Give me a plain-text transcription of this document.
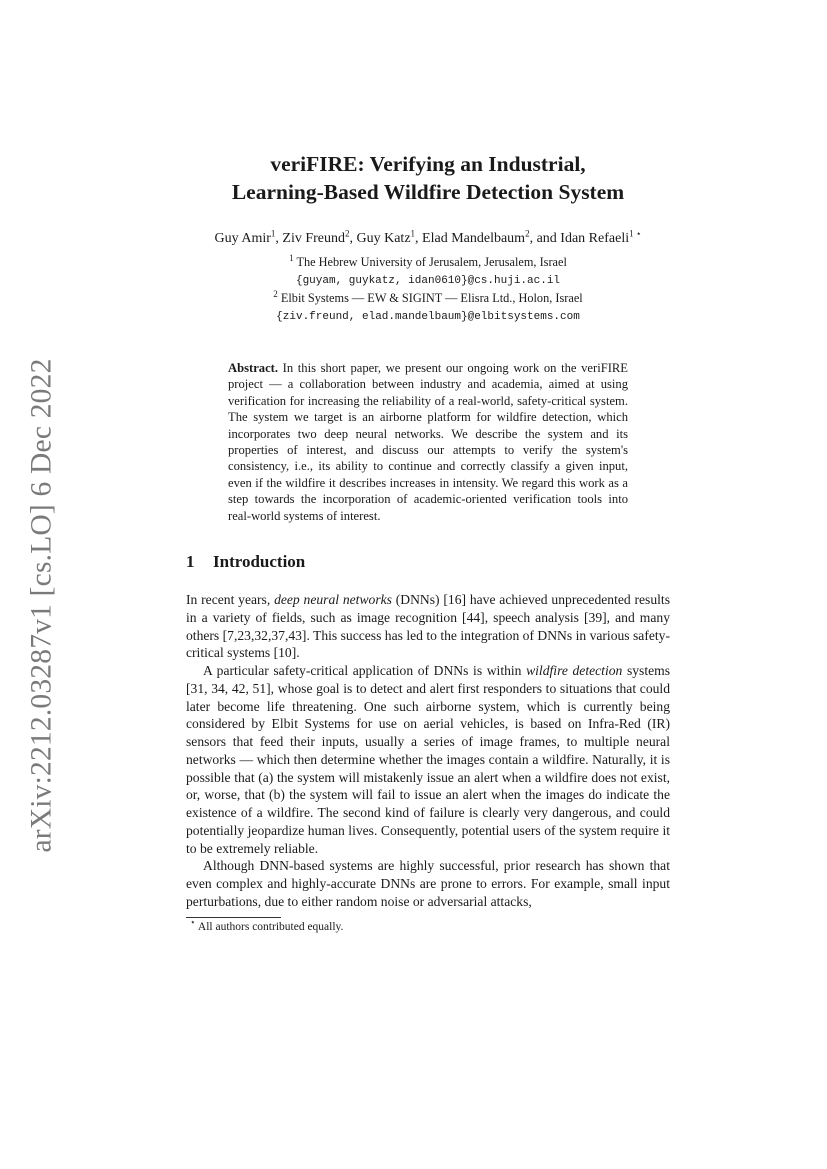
arXiv:2212.03287v1 [cs.LO] 6 Dec 2022
veriFIRE: Verifying an Industrial,
Learning-Based Wildfire Detection System
Guy Amir$^1$, Ziv Freund$^2$, Guy Katz$^1$, Elad Mandelbaum$^2$, and Idan Refaeli$^{1 ⋆}$
$^1$ The Hebrew University of Jerusalem, Jerusalem, Israel
{guyam, guykatz, idan0610}@cs.huji.ac.il
$^2$ Elbit Systems — EW & SIGINT — Elisra Ltd., Holon, Israel
{ziv.freund, elad.mandelbaum}@elbitsystems.com
Abstract. In this short paper, we present our ongoing work on the veriFIRE project — a collaboration between industry and academia, aimed at using verification for increasing the reliability of a real-world, safety-critical system. The system we target is an airborne platform for wildfire detection, which incorporates two deep neural networks. We describe the system and its properties of interest, and discuss our attempts to verify the system's consistency, i.e., its ability to continue and correctly classify a given input, even if the wildfire it describes increases in intensity. We regard this work as a step towards the incorporation of academic-oriented verification tools into real-world systems of interest.
1 Introduction

In recent years, deep neural networks (DNNs) [16] have achieved unprecedented results in a variety of fields, such as image recognition [44], speech analysis [39], and many others [7,23,32,37,43]. This success has led to the integration of DNNs in various safety-critical systems [10].

A particular safety-critical application of DNNs is within wildfire detection systems [31, 34, 42, 51], whose goal is to detect and alert first responders to situations that could later become life threatening. One such airborne system, which is currently being considered by Elbit Systems for use on aerial vehicles, is based on Infra-Red (IR) sensors that feed their inputs, usually a series of image frames, to multiple neural networks — which then determine whether the images contain a wildfire. Naturally, it is possible that (a) the system will mistakenly issue an alert when a wildfire does not exist, or, worse, that (b) the system will fail to issue an alert when the images do indicate the existence of a wildfire. The second kind of failure is clearly very dangerous, and could potentially jeopardize human lives. Consequently, potential users of the system require it to be extremely reliable.

Although DNN-based systems are highly successful, prior research has shown that even complex and highly-accurate DNNs are prone to errors. For example, small input perturbations, due to either random noise or adversarial attacks,

⋆ All authors contributed equally.
